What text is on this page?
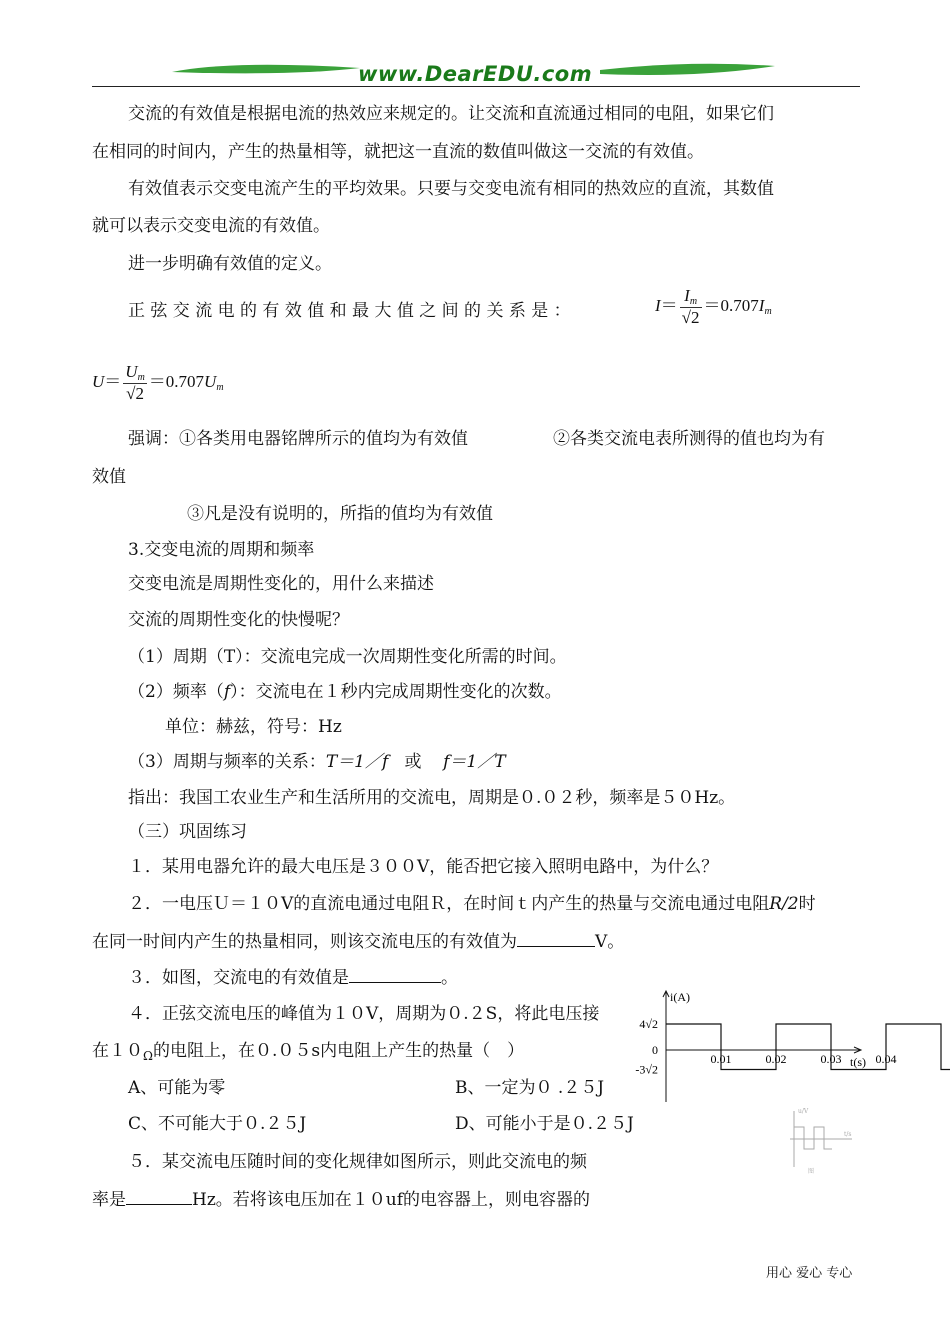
www.DearEDU.com
交流的有效值是根据电流的热效应来规定的。让交流和直流通过相同的电阻，如果它们
在相同的时间内，产生的热量相等，就把这一直流的数值叫做这一交流的有效值。
有效值表示交变电流产生的平均效果。只要与交变电流有相同的热效应的直流，其数值
就可以表示交变电流的有效值。
进一步明确有效值的定义。
正 弦 交 流 电 的 有 效 值 和 最 大 值 之 间 的 关 系 是 ：	$I= \frac{I_m}{√2} =0.707I_m$
$U= \frac{U_m}{√2} =0.707U_m$
强调：①各类用电器铭牌所示的值均为有效值	②各类交流电表所测得的值也均为有
效值
③凡是没有说明的，所指的值均为有效值
3.交变电流的周期和频率
交变电流是周期性变化的，用什么来描述
交流的周期性变化的快慢呢？
（1）周期（T）：交流电完成一次周期性变化所需的时间。
（2）频率（f）：交流电在１秒内完成周期性变化的次数。
单位：赫兹，符号：Hz
（3）周期与频率的关系：T＝1／f 或 f＝1／T
指出：我国工农业生产和生活所用的交流电，周期是０.０２秒，频率是５０Hz。
（三）巩固练习
１．某用电器允许的最大电压是３００V，能否把它接入照明电路中，为什么？
２．一电压Ｕ＝１０V的直流电通过电阻Ｒ，在时间ｔ内产生的热量与交流电通过电阻R/2时
在同一时间内产生的热量相同，则该交流电压的有效值为	V。
３．如图，交流电的有效值是	。
４．正弦交流电压的峰值为１０V，周期为０.２S，将此电压接
在$10_\Omega$的电阻上，在０.０５s内电阻上产生的热量（　）
A、可能为零	B、一定为０ .２５J
C、不可能大于０.２５J	D、可能小于是０.２５J
５．某交流电压随时间的变化规律如图所示，则此交流电的频
率是	Hz。若将该电压加在１０uf的电容器上，则电容器的
i(A)
t(s)
4√2
0
-3√2
0.01	0.02	0.03	0.04
u/V
t/s
图
用心 爱心 专心
